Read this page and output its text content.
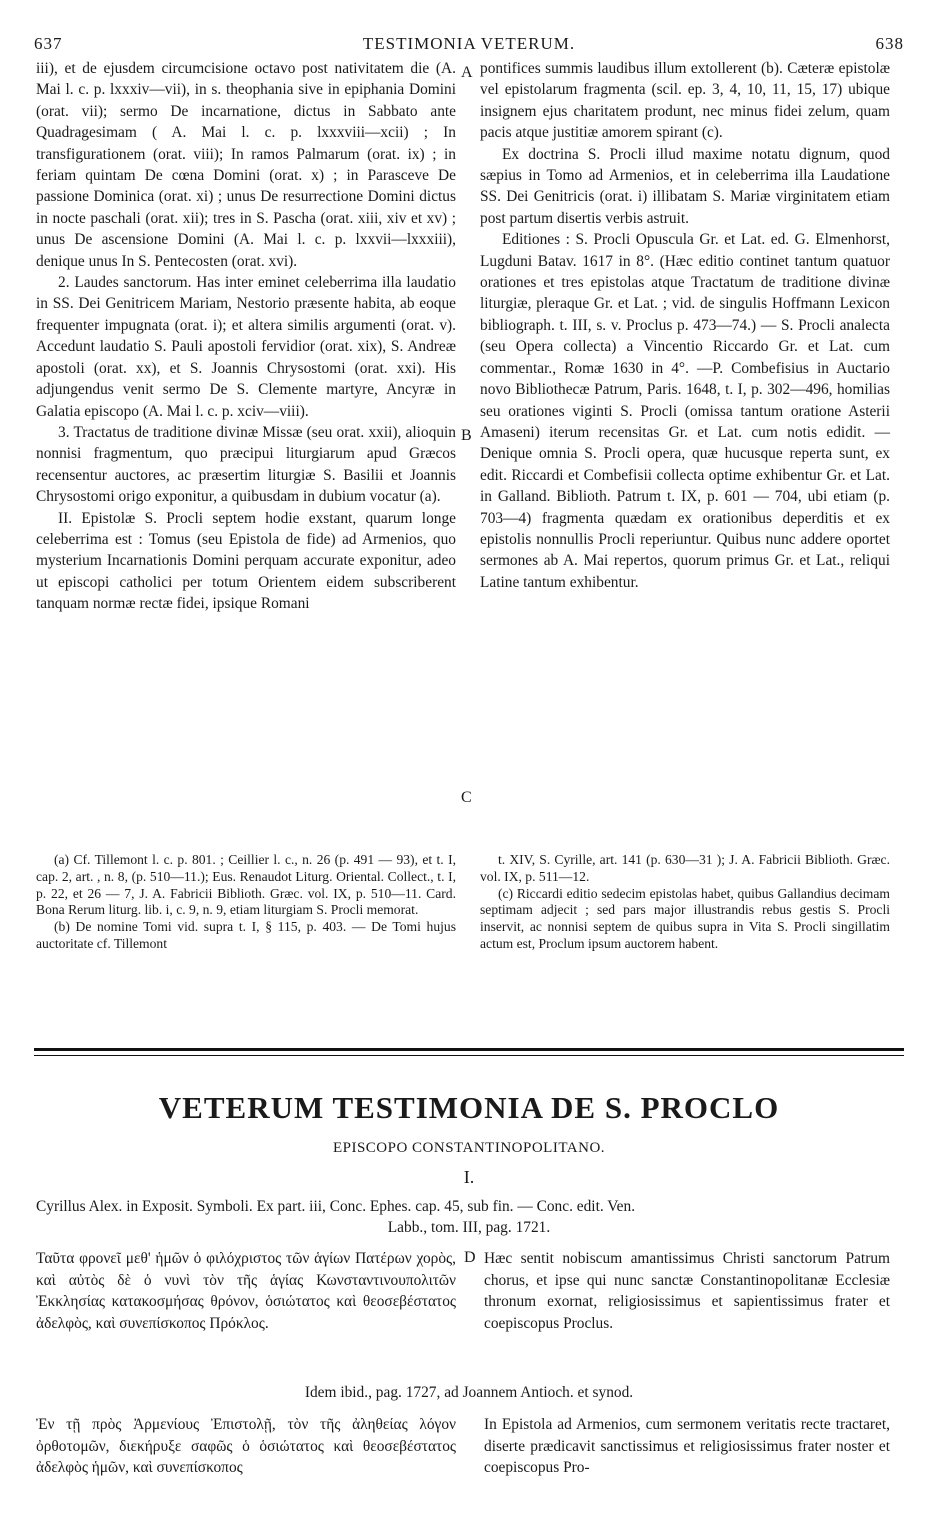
637	TESTIMONIA VETERUM.	638
A
B
C
D

iii), et de ejusdem circumcisione octavo post nativitatem die (A. Mai l. c. p. lxxxiv—vii), in s. theophania sive in epiphania Domini (orat. vii); sermo De incarnatione, dictus in Sabbato ante Quadragesimam ( A. Mai l. c. p. lxxxviii—xcii) ; In transfigurationem (orat. viii); In ramos Palmarum (orat. ix) ; in feriam quintam De cœna Domini (orat. x) ; in Parasceve De passione Dominica (orat. xi) ; unus De resurrectione Domini dictus in nocte paschali (orat. xii); tres in S. Pascha (orat. xiii, xiv et xv) ; unus De ascensione Domini (A. Mai l. c. p. lxxvii—lxxxiii), denique unus In S. Pentecosten (orat. xvi).

2. Laudes sanctorum. Has inter eminet celeberrima illa laudatio in SS. Dei Genitricem Mariam, Nestorio præsente habita, ab eoque frequenter impugnata (orat. i); et altera similis argumenti (orat. v). Accedunt laudatio S. Pauli apostoli fervidior (orat. xix), S. Andreæ apostoli (orat. xx), et S. Joannis Chrysostomi (orat. xxi). His adjungendus venit sermo De S. Clemente martyre, Ancyræ in Galatia episcopo (A. Mai l. c. p. xciv—viii).

3. Tractatus de traditione divinæ Missæ (seu orat. xxii), alioquin nonnisi fragmentum, quo præcipui liturgiarum apud Græcos recensentur auctores, ac præsertim liturgiæ S. Basilii et Joannis Chrysostomi origo exponitur, a quibusdam in dubium vocatur (a).

II. Epistolæ S. Procli septem hodie exstant, quarum longe celeberrima est : Tomus (seu Epistola de fide) ad Armenios, quo mysterium Incarnationis Domini perquam accurate exponitur, adeo ut episcopi catholici per totum Orientem eidem subscriberent tanquam normæ rectæ fidei, ipsique Romani

pontifices summis laudibus illum extollerent (b). Cæteræ epistolæ vel epistolarum fragmenta (scil. ep. 3, 4, 10, 11, 15, 17) ubique insignem ejus charitatem produnt, nec minus fidei zelum, quam pacis atque justitiæ amorem spirant (c).

Ex doctrina S. Procli illud maxime notatu dignum, quod sæpius in Tomo ad Armenios, et in celeberrima illa Laudatione SS. Dei Genitricis (orat. i) illibatam S. Mariæ virginitatem etiam post partum disertis verbis astruit.

Editiones : S. Procli Opuscula Gr. et Lat. ed. G. Elmenhorst, Lugduni Batav. 1617 in 8°. (Hæc editio continet tantum quatuor orationes et tres epistolas atque Tractatum de traditione divinæ liturgiæ, pleraque Gr. et Lat. ; vid. de singulis Hoffmann Lexicon bibliograph. t. III, s. v. Proclus p. 473—74.) — S. Procli analecta (seu Opera collecta) a Vincentio Riccardo Gr. et Lat. cum commentar., Romæ 1630 in 4°. —P. Combefisius in Auctario novo Bibliothecæ Patrum, Paris. 1648, t. I, p. 302—496, homilias seu orationes viginti S. Procli (omissa tantum oratione Asterii Amaseni) iterum recensitas Gr. et Lat. cum notis edidit. — Denique omnia S. Procli opera, quæ hucusque reperta sunt, ex edit. Riccardi et Combefisii collecta optime exhibentur Gr. et Lat. in Galland. Biblioth. Patrum t. IX, p. 601 — 704, ubi etiam (p. 703—4) fragmenta quædam ex orationibus deperditis et ex epistolis nonnullis Procli reperiuntur. Quibus nunc addere oportet sermones ab A. Mai repertos, quorum primus Gr. et Lat., reliqui Latine tantum exhibentur.

(a) Cf. Tillemont l. c. p. 801. ; Ceillier l. c., n. 26 (p. 491 — 93), et t. I, cap. 2, art. , n. 8, (p. 510—11.); Eus. Renaudot Liturg. Oriental. Collect., t. I, p. 22, et 26 — 7, J. A. Fabricii Biblioth. Græc. vol. IX, p. 510—11. Card. Bona Rerum liturg. lib. i, c. 9, n. 9, etiam liturgiam S. Procli memorat.

(b) De nomine Tomi vid. supra t. I, § 115, p. 403. — De Tomi hujus auctoritate cf. Tillemont

t. XIV, S. Cyrille, art. 141 (p. 630—31 ); J. A. Fabricii Biblioth. Græc. vol. IX, p. 511—12.

(c) Riccardi editio sedecim epistolas habet, quibus Gallandius decimam septimam adjecit ; sed pars major illustrandis rebus gestis S. Procli inservit, ac nonnisi septem de quibus supra in Vita S. Procli singillatim actum est, Proclum ipsum auctorem habent.

VETERUM TESTIMONIA DE S. PROCLO
EPISCOPO CONSTANTINOPOLITANO.
I.
Cyrillus Alex. in Exposit. Symboli. Ex part. iii, Conc. Ephes. cap. 45, sub fin. — Conc. edit. Ven.
Labb., tom. III, pag. 1721.
Ταῦτα φρονεῖ μεθ' ἡμῶν ὁ φιλόχριστος τῶν ἁγίων Πατέρων χορὸς, καὶ αὐτὸς δὲ ὁ νυνὶ τὸν τῆς ἁγίας Κωνσταντινουπολιτῶν Ἐκκλησίας κατακοσμήσας θρόνον, ὁσιώτατος καὶ θεοσεβέστατος ἀδελφὸς, καὶ συνεπίσκοπος Πρόκλος.
Hæc sentit nobiscum amantissimus Christi sanctorum Patrum chorus, et ipse qui nunc sanctæ Constantinopolitanæ Ecclesiæ thronum exornat, religiosissimus et sapientissimus frater et coepiscopus Proclus.
Idem ibid., pag. 1727, ad Joannem Antioch. et synod.
Ἐν τῇ πρὸς Ἀρμενίους Ἐπιστολῇ, τὸν τῆς ἀληθείας λόγον ὀρθοτομῶν, διεκήρυξε σαφῶς ὁ ὁσιώτατος καὶ θεοσεβέστατος ἀδελφὸς ἡμῶν, καὶ συνεπίσκοπος
In Epistola ad Armenios, cum sermonem veritatis recte tractaret, diserte prædicavit sanctissimus et religiosissimus frater noster et coepiscopus Pro-
